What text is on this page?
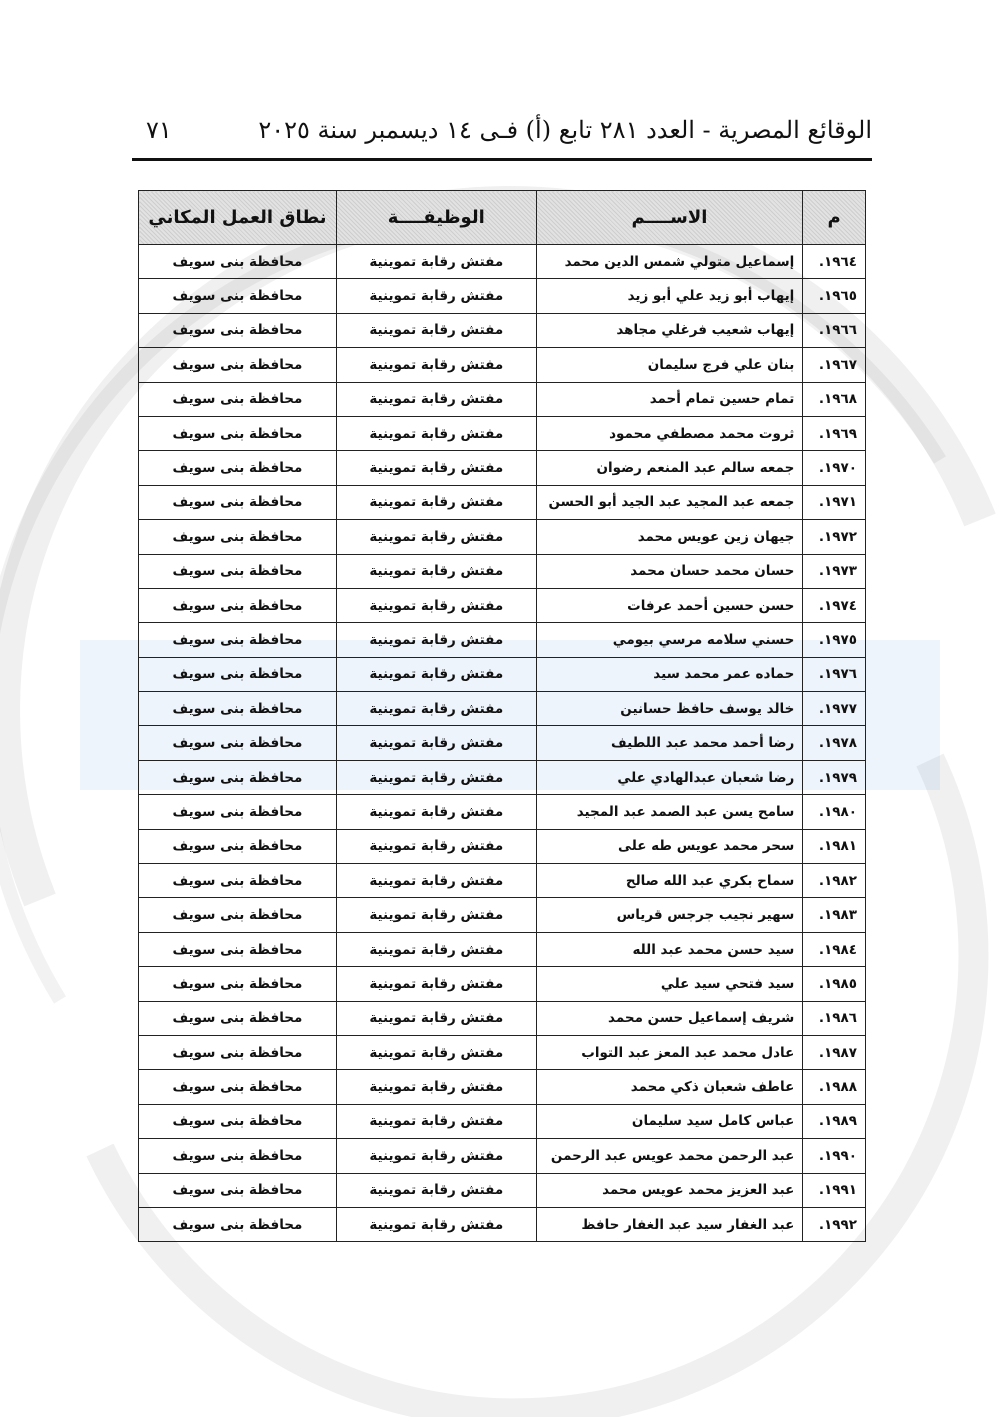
الوقائع المصرية - العدد ٢٨١ تابع (أ) فـى ١٤ ديسمبر سنة ٢٠٢٥
٧١
م	الاســــم	الوظيفــــة	نطاق العمل المكاني
١٩٦٤.	إسماعيل متولي شمس الدين محمد	مفتش رقابة تموينية	محافظة بنى سويف
١٩٦٥.	إيهاب أبو زيد علي أبو زيد	مفتش رقابة تموينية	محافظة بنى سويف
١٩٦٦.	إيهاب شعيب فرغلي مجاهد	مفتش رقابة تموينية	محافظة بنى سويف
١٩٦٧.	بنان علي فرج سليمان	مفتش رقابة تموينية	محافظة بنى سويف
١٩٦٨.	تمام حسين تمام أحمد	مفتش رقابة تموينية	محافظة بنى سويف
١٩٦٩.	ثروت محمد مصطفي محمود	مفتش رقابة تموينية	محافظة بنى سويف
١٩٧٠.	جمعه سالم عبد المنعم رضوان	مفتش رقابة تموينية	محافظة بنى سويف
١٩٧١.	جمعه عبد المجيد عبد الجيد أبو الحسن	مفتش رقابة تموينية	محافظة بنى سويف
١٩٧٢.	جيهان زين عويس محمد	مفتش رقابة تموينية	محافظة بنى سويف
١٩٧٣.	حسان محمد حسان محمد	مفتش رقابة تموينية	محافظة بنى سويف
١٩٧٤.	حسن حسين أحمد عرفات	مفتش رقابة تموينية	محافظة بنى سويف
١٩٧٥.	حسني سلامه مرسي بيومي	مفتش رقابة تموينية	محافظة بنى سويف
١٩٧٦.	حماده عمر محمد سيد	مفتش رقابة تموينية	محافظة بنى سويف
١٩٧٧.	خالد يوسف حافظ حسانين	مفتش رقابة تموينية	محافظة بنى سويف
١٩٧٨.	رضا أحمد محمد عبد اللطيف	مفتش رقابة تموينية	محافظة بنى سويف
١٩٧٩.	رضا شعبان عبدالهادي علي	مفتش رقابة تموينية	محافظة بنى سويف
١٩٨٠.	سامح يسن عبد الصمد عبد المجيد	مفتش رقابة تموينية	محافظة بنى سويف
١٩٨١.	سحر محمد عويس طه على	مفتش رقابة تموينية	محافظة بنى سويف
١٩٨٢.	سماح بكري عبد الله صالح	مفتش رقابة تموينية	محافظة بنى سويف
١٩٨٣.	سهير نجيب جرجس قرياس	مفتش رقابة تموينية	محافظة بنى سويف
١٩٨٤.	سيد حسن محمد عبد الله	مفتش رقابة تموينية	محافظة بنى سويف
١٩٨٥.	سيد فتحي سيد علي	مفتش رقابة تموينية	محافظة بنى سويف
١٩٨٦.	شريف إسماعيل حسن محمد	مفتش رقابة تموينية	محافظة بنى سويف
١٩٨٧.	عادل محمد عبد المعز عبد التواب	مفتش رقابة تموينية	محافظة بنى سويف
١٩٨٨.	عاطف شعبان ذكي محمد	مفتش رقابة تموينية	محافظة بنى سويف
١٩٨٩.	عباس كامل سيد سليمان	مفتش رقابة تموينية	محافظة بنى سويف
١٩٩٠.	عبد الرحمن محمد عويس عبد الرحمن	مفتش رقابة تموينية	محافظة بنى سويف
١٩٩١.	عبد العزيز محمد عويس محمد	مفتش رقابة تموينية	محافظة بنى سويف
١٩٩٢.	عبد الغفار سيد عبد الغفار حافظ	مفتش رقابة تموينية	محافظة بنى سويف
